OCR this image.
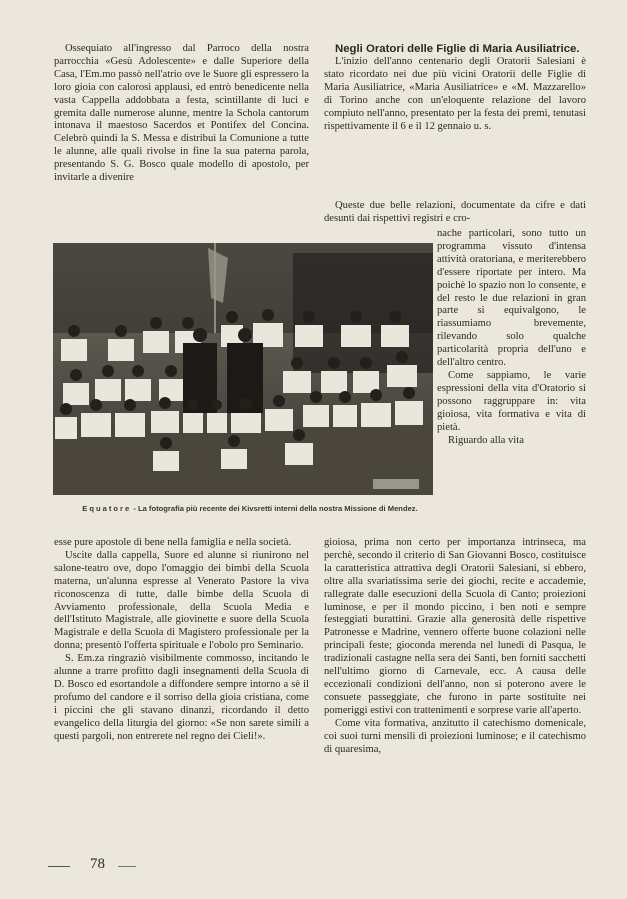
Ossequiato all'ingresso dal Parroco della nostra parrocchia «Gesù Adolescente» e dalle Superiore della Casa, l'Em.mo passò nell'atrio ove le Suore gli espressero la loro gioia con calorosi applausi, ed entrò benedicente nella vasta Cappella addobbata a festa, scintillante di luci e gremita dalle numerose alunne, mentre la Schola cantorum intonava il maestoso Sacerdos et Pontifex del Concina. Celebrò quindi la S. Messa e distribuì la Comunione a tutte le alunne, alle quali rivolse in fine la sua paterna parola, presentando S. G. Bosco quale modello di apostolo, per invitarle a divenire

Equatore - La fotografia più recente dei Kivsretti interni della nostra Missione di Mendez.

esse pure apostole di bene nella famiglia e nella società.

Uscite dalla cappella, Suore ed alunne si riunirono nel salone-teatro ove, dopo l'omaggio dei bimbi della Scuola materna, un'alunna espresse al Venerato Pastore la viva riconoscenza di tutte, dalle bimbe della Scuola di Avviamento professionale, della Scuola Media e dell'Istituto Magistrale, alle giovinette e suore della Scuola Magistrale e della Scuola di Magistero professionale per la donna; presentò l'offerta spirituale e l'obolo pro Seminario.

S. Em.za ringraziò visibilmente commosso, incitando le alunne a trarre profitto dagli insegnamenti della Scuola di D. Bosco ed esortandole a diffondere sempre intorno a sè il profumo del candore e il sorriso della gioia cristiana, come i piccini che gli stavano dinanzi, ricordando il detto evangelico della liturgia del giorno: «Se non sarete simili a questi pargoli, non entrerete nel regno dei Cieli!».

Negli Oratori delle Figlie di Maria Ausiliatrice.

L'inizio dell'anno centenario degli Oratorii Salesiani è stato ricordato nei due più vicini Oratorii delle Figlie di Maria Ausiliatrice, «Maria Ausiliatrice» e «M. Mazzarello» di Torino anche con un'eloquente relazione del lavoro compiuto nell'anno, presentato per la festa dei premi, tenutasi rispettivamente il 6 e il 12 gennaio u. s.

Queste due belle relazioni, documentate da cifre e dati desunti dai rispettivi registri e cro-

nache particolari, sono tutto un programma vissuto d'intensa attività oratoriana, e meriterebbero d'essere riportate per intero. Ma poichè lo spazio non lo consente, e del resto le due relazioni in gran parte si equivalgono, le riassumiamo brevemente, rilevando solo qualche particolarità propria dell'uno e dell'altro centro.

Come sappiamo, le varie espressioni della vita d'Oratorio si possono raggruppare in: vita gioiosa, vita formativa e vita di pietà.

Riguardo alla vita

gioiosa, prima non certo per importanza intrinseca, ma perchè, secondo il criterio di San Giovanni Bosco, costituisce la caratteristica attrattiva degli Oratorii Salesiani, si ebbero, oltre alla svariatissima serie dei giochi, recite e accademie, rallegrate dalle esecuzioni della Scuola di Canto; proiezioni luminose, e per il mondo piccino, i ben noti e sempre festeggiati burattini. Grazie alla generosità delle rispettive Patronesse e Madrine, vennero offerte buone colazioni nelle principali feste; gioconda merenda nel lunedì di Pasqua, le tradizionali castagne nella sera dei Santi, ben forniti sacchetti nell'ultimo giorno di Carnevale, ecc. A causa delle eccezionali condizioni dell'anno, non si poterono avere le consuete passeggiate, che furono in parte sostituite nei pomeriggi estivi con trattenimenti e sorprese varie all'aperto.

Come vita formativa, anzitutto il catechismo domenicale, coi suoi turni mensili di proiezioni luminose; e il catechismo di quaresima,

78
